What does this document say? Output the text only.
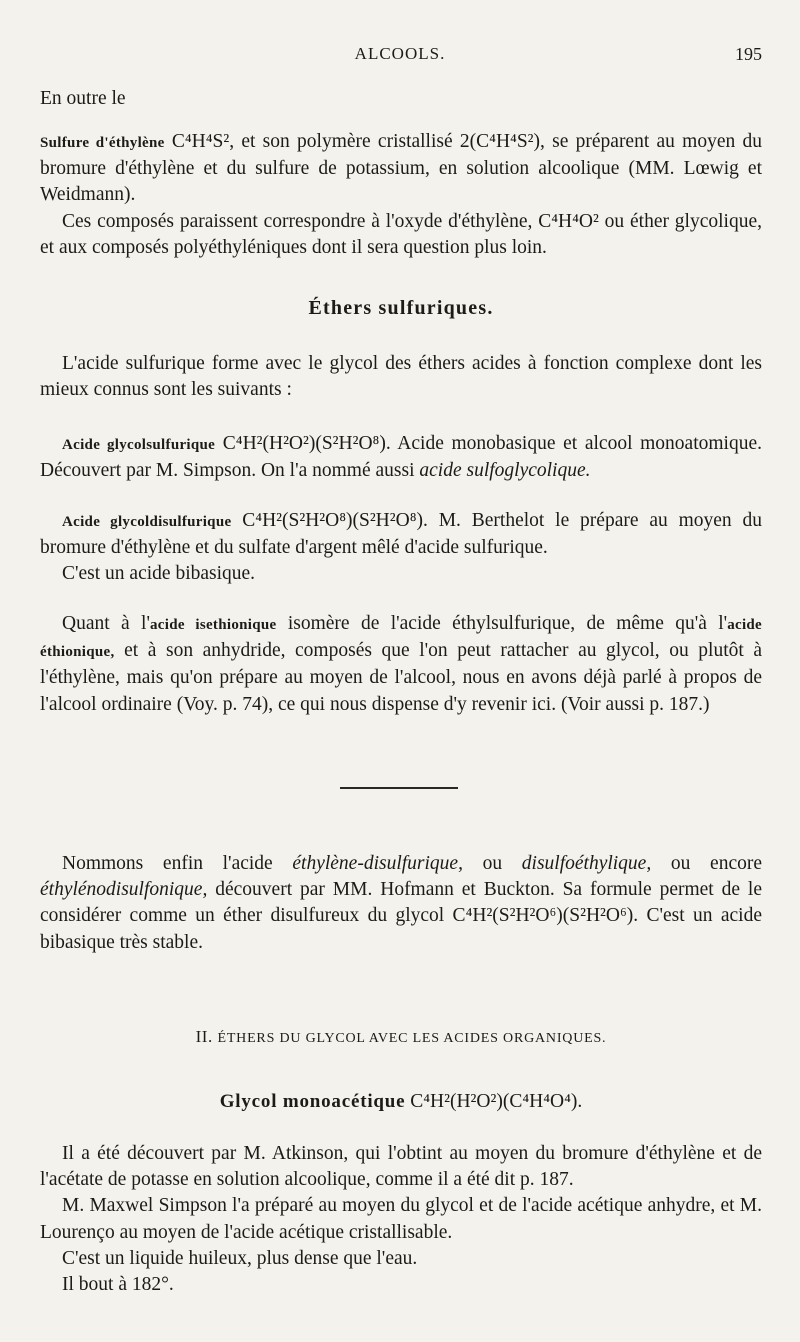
ALCOOLS.	195

En outre le

Sulfure d'éthylène C⁴H⁴S², et son polymère cristallisé 2(C⁴H⁴S²), se préparent au moyen du bromure d'éthylène et du sulfure de potassium, en solution alcoolique (MM. Lœwig et Weidmann).

Ces composés paraissent correspondre à l'oxyde d'éthylène, C⁴H⁴O² ou éther glycolique, et aux composés polyéthyléniques dont il sera question plus loin.

Éthers sulfuriques.

L'acide sulfurique forme avec le glycol des éthers acides à fonction complexe dont les mieux connus sont les suivants :

Acide glycolsulfurique C⁴H²(H²O²)(S²H²O⁸). Acide monobasique et alcool monoatomique. Découvert par M. Simpson. On l'a nommé aussi acide sulfoglycolique.

Acide glycoldisulfurique C⁴H²(S²H²O⁸)(S²H²O⁸). M. Berthelot le prépare au moyen du bromure d'éthylène et du sulfate d'argent mêlé d'acide sulfurique.

C'est un acide bibasique.

Quant à l'acide isethionique isomère de l'acide éthylsulfurique, de même qu'à l'acide éthionique, et à son anhydride, composés que l'on peut rattacher au glycol, ou plutôt à l'éthylène, mais qu'on prépare au moyen de l'alcool, nous en avons déjà parlé à propos de l'alcool ordinaire (Voy. p. 74), ce qui nous dispense d'y revenir ici. (Voir aussi p. 187.)

Nommons enfin l'acide éthylène-disulfurique, ou disulfoéthylique, ou encore éthylénodisulfonique, découvert par MM. Hofmann et Buckton. Sa formule permet de le considérer comme un éther disulfureux du glycol C⁴H²(S²H²O⁶)(S²H²O⁶). C'est un acide bibasique très stable.

II. ÉTHERS DU GLYCOL AVEC LES ACIDES ORGANIQUES.
Glycol monoacétique C⁴H²(H²O²)(C⁴H⁴O⁴).

Il a été découvert par M. Atkinson, qui l'obtint au moyen du bromure d'éthylène et de l'acétate de potasse en solution alcoolique, comme il a été dit p. 187.

M. Maxwel Simpson l'a préparé au moyen du glycol et de l'acide acétique anhydre, et M. Lourenço au moyen de l'acide acétique cristallisable.

C'est un liquide huileux, plus dense que l'eau.

Il bout à 182°.
